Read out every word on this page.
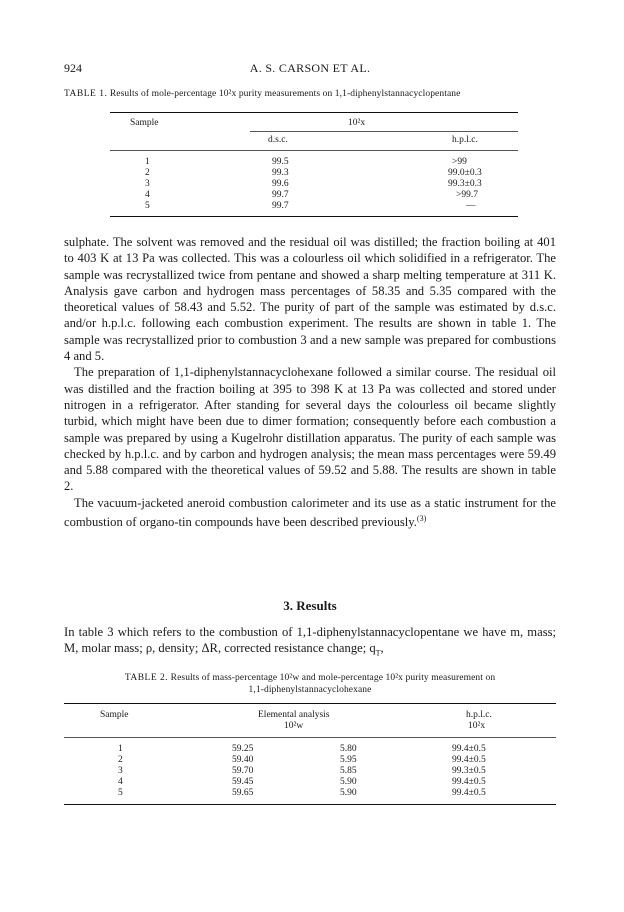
924	A. S. CARSON ET AL.
TABLE 1. Results of mole-percentage 10²x purity measurements on 1,1-diphenylstannacyclopentane
Sample	10²x
d.s.c.	h.p.l.c.
1	99.5	>99
2	99.3	99.0±0.3
3	99.6	99.3±0.3
4	99.7	>99.7
5	99.7	—

sulphate. The solvent was removed and the residual oil was distilled; the fraction boiling at 401 to 403 K at 13 Pa was collected. This was a colourless oil which solidified in a refrigerator. The sample was recrystallized twice from pentane and showed a sharp melting temperature at 311 K. Analysis gave carbon and hydrogen mass percentages of 58.35 and 5.35 compared with the theoretical values of 58.43 and 5.52. The purity of part of the sample was estimated by d.s.c. and/or h.p.l.c. following each combustion experiment. The results are shown in table 1. The sample was recrystallized prior to combustion 3 and a new sample was prepared for combustions 4 and 5.

The preparation of 1,1-diphenylstannacyclohexane followed a similar course. The residual oil was distilled and the fraction boiling at 395 to 398 K at 13 Pa was collected and stored under nitrogen in a refrigerator. After standing for several days the colourless oil became slightly turbid, which might have been due to dimer formation; consequently before each combustion a sample was prepared by using a Kugelrohr distillation apparatus. The purity of each sample was checked by h.p.l.c. and by carbon and hydrogen analysis; the mean mass percentages were 59.49 and 5.88 compared with the theoretical values of 59.52 and 5.88. The results are shown in table 2.

The vacuum-jacketed aneroid combustion calorimeter and its use as a static instrument for the combustion of organo-tin compounds have been described previously.$^{(3)}$

3. Results

In table 3 which refers to the combustion of 1,1-diphenylstannacyclopentane we have m, mass; M, molar mass; ρ, density; ΔR, corrected resistance change; $q_T$,

TABLE 2. Results of mass-percentage 10²w and mole-percentage 10²x purity measurement on
1,1-diphenylstannacyclohexane
Sample	Elemental analysis
10²w
h.p.l.c.
10²x
1	59.25	5.80	99.4±0.5
2	59.40	5.95	99.4±0.5
3	59.70	5.85	99.3±0.5
4	59.45	5.90	99.4±0.5
5	59.65	5.90	99.4±0.5
